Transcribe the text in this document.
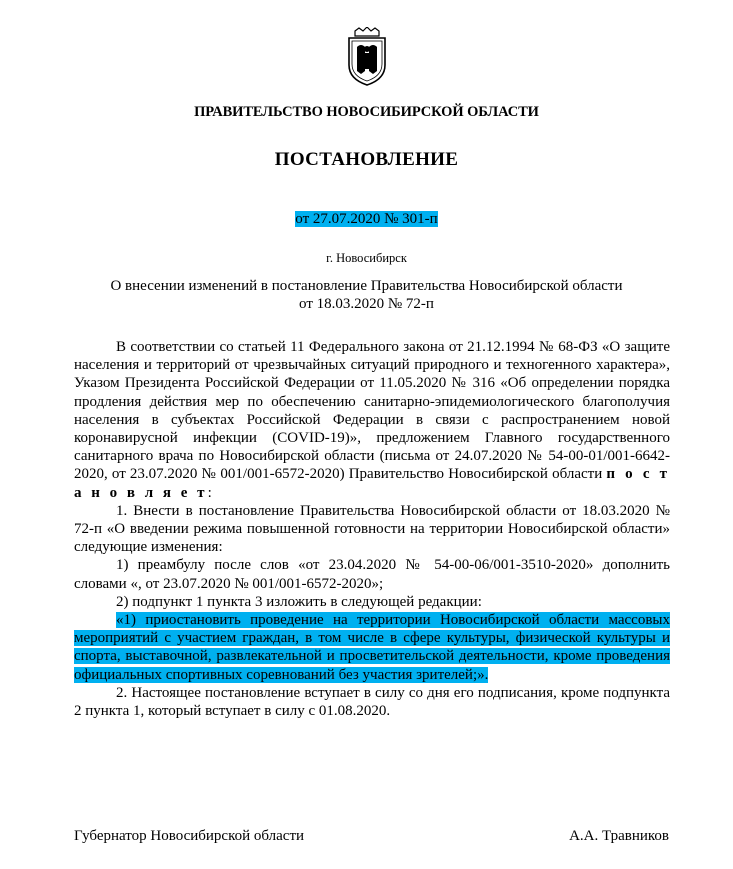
ПРАВИТЕЛЬСТВО НОВОСИБИРСКОЙ ОБЛАСТИ
ПОСТАНОВЛЕНИЕ
от 27.07.2020 № 301-п
г. Новосибирск
О внесении изменений в постановление Правительства Новосибирской области
от 18.03.2020 № 72-п

В соответствии со статьей 11 Федерального закона от 21.12.1994 № 68-ФЗ «О защите населения и территорий от чрезвычайных ситуаций природного и техногенного характера», Указом Президента Российской Федерации от 11.05.2020 № 316 «Об определении порядка продления действия мер по обеспечению санитарно-эпидемиологического благополучия населения в субъектах Российской Федерации в связи с распространением новой коронавирусной инфекции (COVID-19)», предложением Главного государственного санитарного врача по Новосибирской области (письма от 24.07.2020 № 54-00-01/001-6642-2020, от 23.07.2020 № 001/001-6572-2020) Правительство Новосибирской области п о с т а н о в л я е т:

1. Внести в постановление Правительства Новосибирской области от 18.03.2020 № 72-п «О введении режима повышенной готовности на территории Новосибирской области» следующие изменения:

1) преамбулу после слов «от 23.04.2020 № 54-00-06/001-3510-2020» дополнить словами «, от 23.07.2020 № 001/001-6572-2020»;

2) подпункт 1 пункта 3 изложить в следующей редакции:

«1) приостановить проведение на территории Новосибирской области массовых мероприятий с участием граждан, в том числе в сфере культуры, физической культуры и спорта, выставочной, развлекательной и просветительской деятельности, кроме проведения официальных спортивных соревнований без участия зрителей;».

2. Настоящее постановление вступает в силу со дня его подписания, кроме подпункта 2 пункта 1, который вступает в силу с 01.08.2020.

Губернатор Новосибирской области	А.А. Травников
